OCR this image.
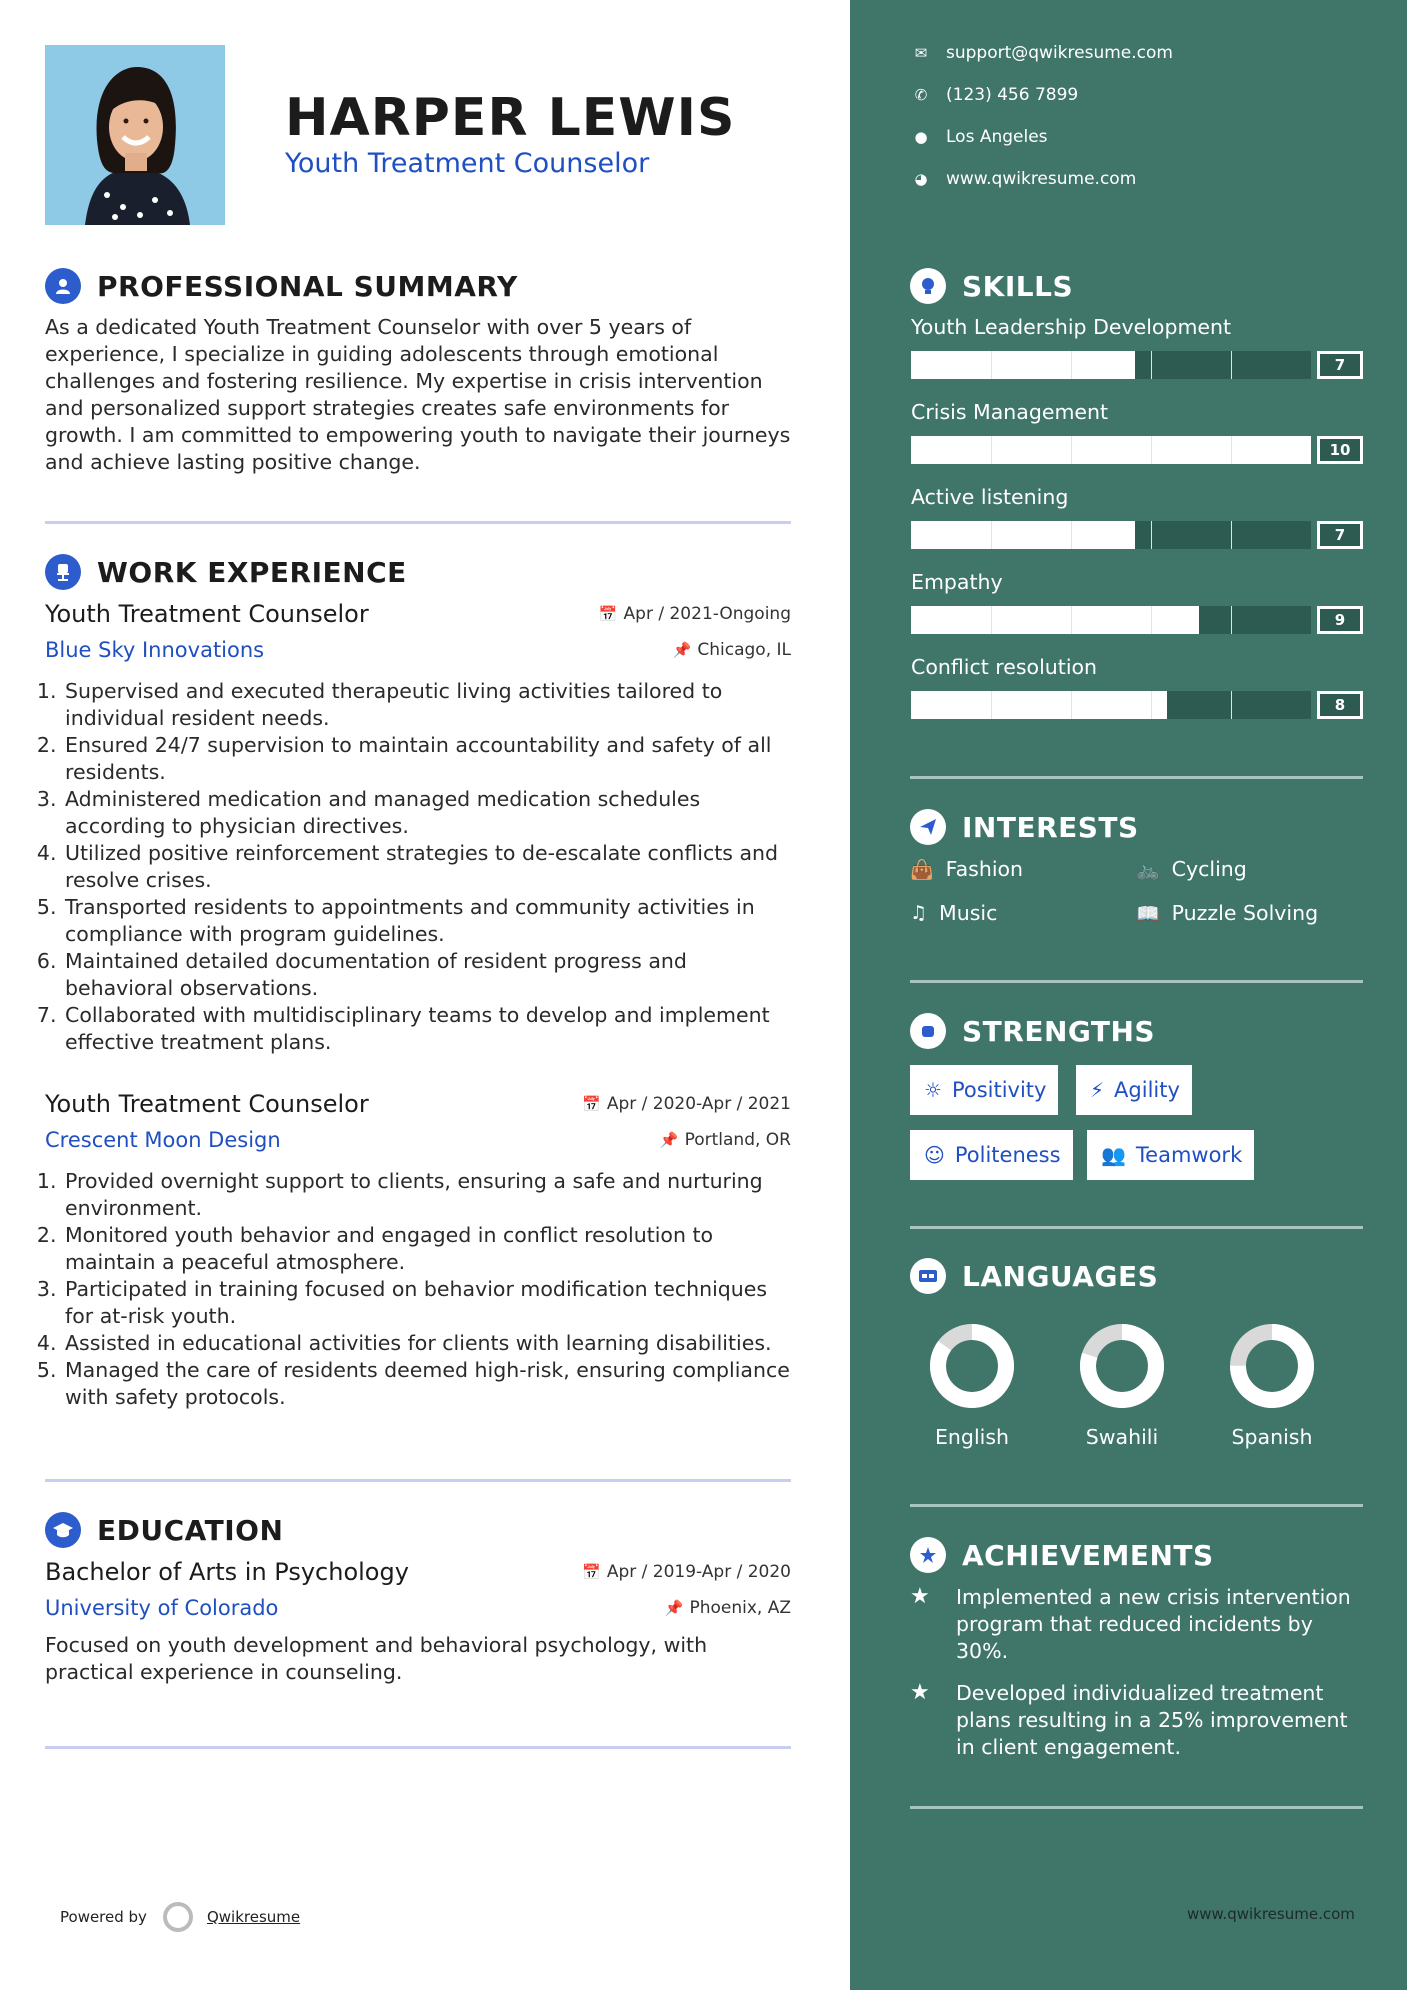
HARPER LEWIS
Youth Treatment Counselor
PROFESSIONAL SUMMARY
As a dedicated Youth Treatment Counselor with over 5 years of experience, I specialize in guiding adolescents through emotional challenges and fostering resilience. My expertise in crisis intervention and personalized support strategies creates safe environments for growth. I am committed to empowering youth to navigate their journeys and achieve lasting positive change.
WORK EXPERIENCE
Youth Treatment Counselor	📅 Apr / 2021-Ongoing
Blue Sky Innovations	📌 Chicago, IL
1. Supervised and executed therapeutic living activities tailored to individual resident needs.
2. Ensured 24/7 supervision to maintain accountability and safety of all residents.
3. Administered medication and managed medication schedules according to physician directives.
4. Utilized positive reinforcement strategies to de-escalate conflicts and resolve crises.
5. Transported residents to appointments and community activities in compliance with program guidelines.
6. Maintained detailed documentation of resident progress and behavioral observations.
7. Collaborated with multidisciplinary teams to develop and implement effective treatment plans.
Youth Treatment Counselor	📅 Apr / 2020-Apr / 2021
Crescent Moon Design	📌 Portland, OR
1. Provided overnight support to clients, ensuring a safe and nurturing environment.
2. Monitored youth behavior and engaged in conflict resolution to maintain a peaceful atmosphere.
3. Participated in training focused on behavior modification techniques for at-risk youth.
4. Assisted in educational activities for clients with learning disabilities.
5. Managed the care of residents deemed high-risk, ensuring compliance with safety protocols.
EDUCATION
Bachelor of Arts in Psychology	📅 Apr / 2019-Apr / 2020
University of Colorado	📌 Phoenix, AZ
Focused on youth development and behavioral psychology, with practical experience in counseling.
Powered by	Qwikresume
✉ support@qwikresume.com
✆ (123) 456 7899
● Los Angeles
◕ www.qwikresume.com
SKILLS
Youth Leadership Development
7
Crisis Management
10
Active listening
7
Empathy
9
Conflict resolution
8
INTERESTS
👜 Fashion	🚲 Cycling
♫ Music	📖 Puzzle Solving
STRENGTHS
☼ Positivity ⚡ Agility
☺ Politeness 👥 Teamwork
LANGUAGES
English	Swahili	Spanish
ACHIEVEMENTS
★	Implemented a new crisis intervention program that reduced incidents by 30%.
★	Developed individualized treatment plans resulting in a 25% improvement in client engagement.
www.qwikresume.com
